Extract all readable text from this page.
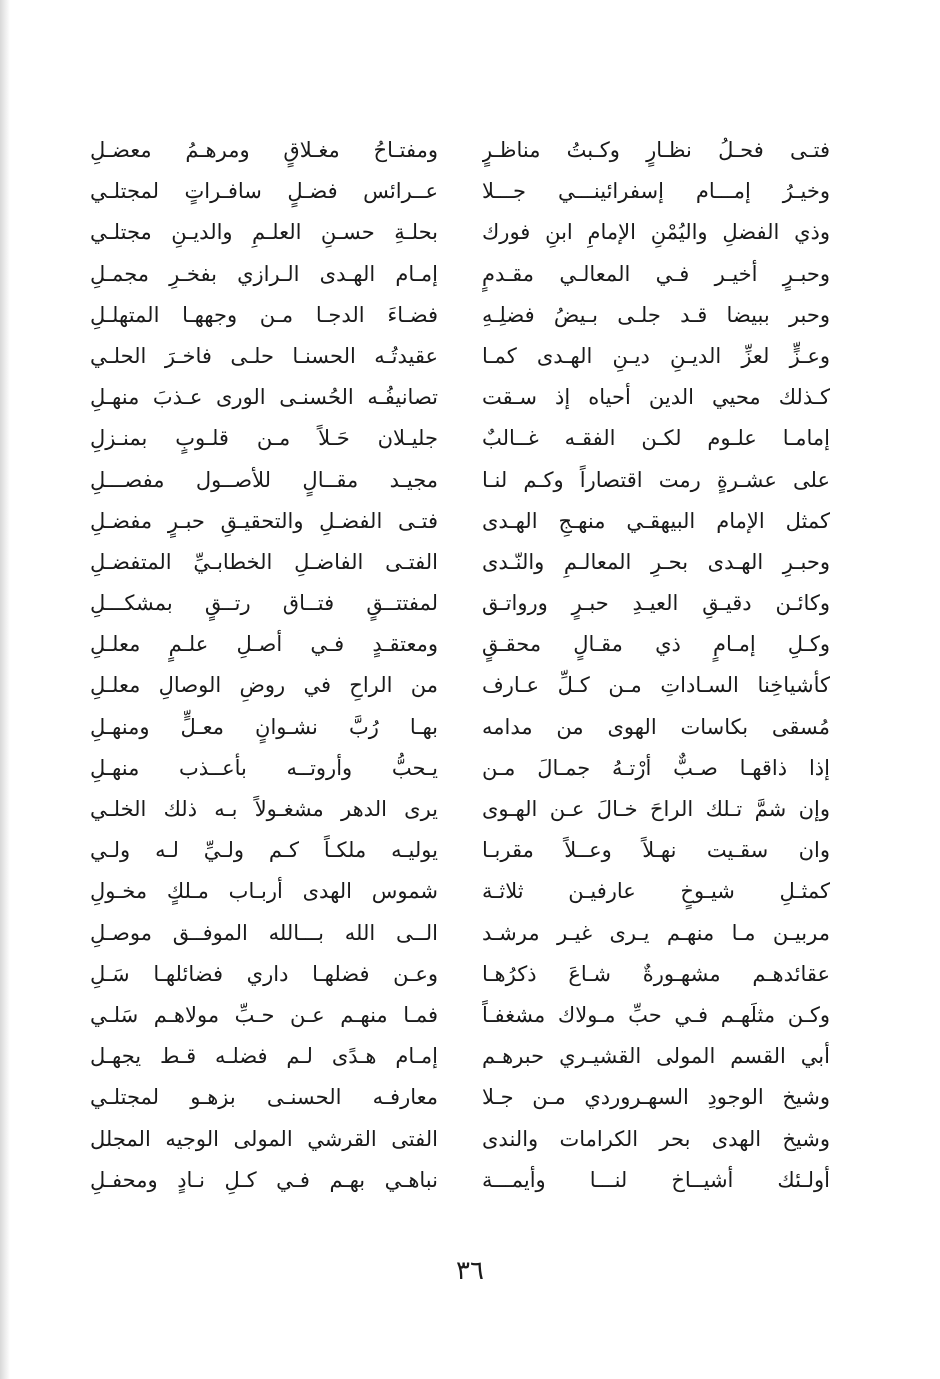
فتـى فحـلُ نظـارٍ وكـبتُ مناظـرٍ
وخيـرُ إمـــام إسفرائينـــي جـــلا
وذي الفضلِ واليُمْنِ الإمامِ ابنِ فورك
وحبـرٍ أخيـر فـي المعالـي مقـدمٍ
وحبر ببيضا قـد جلـى بـيضُ فضلِـهِ
وعـزٍّ لعزِّ الديـنِ ديـنِ الهـدى كمـا
كـذلك محيي الدين أحياه إذ سـقت
إمامـا علـوم لكـن الفقـه غــالبٌ
على عشـرةٍ رمت اقتصاراً وكـم لنـا
كمثل الإمام البيهقـي منهـجِ الهـدى
وحبـرِ الهـدى بحـرِ المعالـمِ والنّـدى
وكائـن دقيـقِ العيـدِ حبـرٍ ورواتـق
وكـلِ إمـامٍ ذي مقـالٍ محقـقٍ
كأشياخِنا السـاداتِ مـن كـلِّ عـارف
مُسقى بكاسات الهوى من مدامه
إذا ذاقهـا صـبٌّ أرْتـهُ جمـالَ مـن
وإن شمَّ تـلك الراحَ خـالَ عـن الهـوى
وان سقـيت نهـلاً وعــلاً مقربـا
كمثـلِ شيـوخٍ عارفيـن ثلاثـة
مربيـن مـا منهـم يـرى غيـر مرشـد
عقائدهـم مشهـورةٌ شـاعَ ذكرُهـا
وكـن مثلَهـم فـي حبِّ مـولاك مشغفـاً
أبي القسم المولى القشيـري حبرهـم
وشيخ الوجودِ السهـروردي مـن جـلا
وشيخ الهدى بحر الكرامات والندى
أولـئك أشيــاخ لنـــا وأيمـــة
ومفتـاحُ مغـلاقٍ ومرهـمُ معضـلِ
عــرائس فضـلٍ سافـراتٍ لمجتلـي
بحلـةِ حسـنِ العلـمِ والديـنِ مجتلـي
إمـام الهـدى الـرازي بفخـرِ مجمـلِ
فضـاءَ الدجـا مـن وجههـا المتهلـلِ
عقيدتُـه الحسنـا حلـى فاخـرَ الحلـي
تصانيفُـه الحُسنـى الورى عـذبَ منهـلِ
جليـلان حَـلاً مـن قلـوبٍ بمنـزلِ
مجيـد مقــالٍ للأصــول مفصـــلِ
فتـى الفضـلِ والتحقيـقِ حبـرٍ مفضـلِ
الفتـى الفاضـلِ الخطابـيِّ المتفضـلِ
لمفتتــقٍ فتــاق رتــقٍ بمشكـــلِ
ومعتقـدٍ فـي أصـلِ علـمٍ معلـلِ
من الراحِ في روضِ الوصالِ معلـلِ
بهـا رُبَّ نشـوانٍ معـلٍّ ومنهـلِ
يـحبُّ وأروتــه بأعــذب منهـلِ
يرى الدهر مشغـولاً بـه ذلك الخلـي
يوليـه ملكـاً كـم ولـيِّ لـه ولـي
شموس الهدى أربـاب مـلكٍ مخـولِ
الــى الله بـــالله الموفــق موصـلِ
وعـن فضلهـا داري فضائلهـا سَـلِ
فمـا منهـم عـن حـبِّ مولاهـم سَلـي
إمـام هـدًى لـم فضلـه قـط يجهـل
معارفـه الحسنـى بزهـو لمجتلـي
الفتى القرشي المولى الوجيه المجلل
نباهـي بهـم فـي كـلِ نـادٍ ومحفـلِ
٣٦
